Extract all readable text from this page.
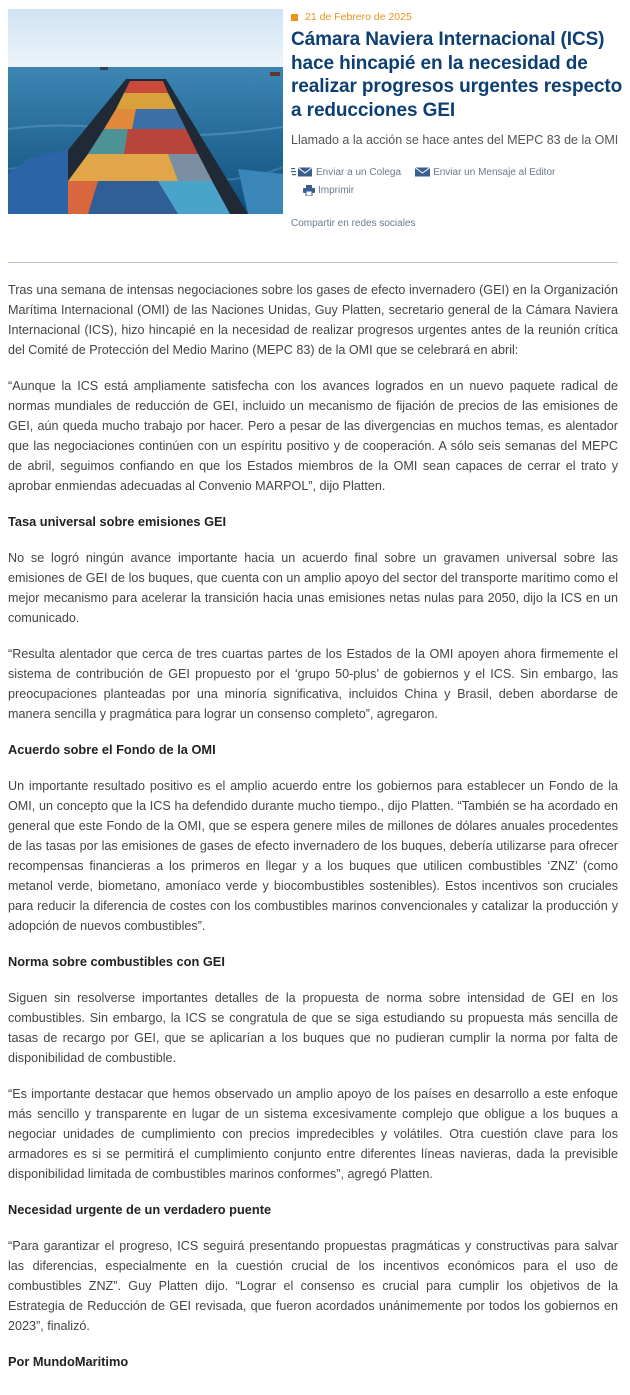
21 de Febrero de 2025
Cámara Naviera Internacional (ICS) hace hincapié en la necesidad de realizar progresos urgentes respecto a reducciones GEI
Llamado a la acción se hace antes del MEPC 83 de la OMI
Enviar a un Colega	Enviar un Mensaje al Editor
Imprimir
Compartir en redes sociales

Tras una semana de intensas negociaciones sobre los gases de efecto invernadero (GEI) en la Organización Marítima Internacional (OMI) de las Naciones Unidas, Guy Platten, secretario general de la Cámara Naviera Internacional (ICS), hizo hincapié en la necesidad de realizar progresos urgentes antes de la reunión crítica del Comité de Protección del Medio Marino (MEPC 83) de la OMI que se celebrará en abril:

“Aunque la ICS está ampliamente satisfecha con los avances logrados en un nuevo paquete radical de normas mundiales de reducción de GEI, incluido un mecanismo de fijación de precios de las emisiones de GEI, aún queda mucho trabajo por hacer. Pero a pesar de las divergencias en muchos temas, es alentador que las negociaciones continúen con un espíritu positivo y de cooperación. A sólo seis semanas del MEPC de abril, seguimos confiando en que los Estados miembros de la OMI sean capaces de cerrar el trato y aprobar enmiendas adecuadas al Convenio MARPOL”, dijo Platten.

Tasa universal sobre emisiones GEI

No se logró ningún avance importante hacia un acuerdo final sobre un gravamen universal sobre las emisiones de GEI de los buques, que cuenta con un amplio apoyo del sector del transporte marítimo como el mejor mecanismo para acelerar la transición hacia unas emisiones netas nulas para 2050, dijo la ICS en un comunicado.

“Resulta alentador que cerca de tres cuartas partes de los Estados de la OMI apoyen ahora firmemente el sistema de contribución de GEI propuesto por el ‘grupo 50-plus’ de gobiernos y el ICS. Sin embargo, las preocupaciones planteadas por una minoría significativa, incluidos China y Brasil, deben abordarse de manera sencilla y pragmática para lograr un consenso completo”, agregaron.

Acuerdo sobre el Fondo de la OMI

Un importante resultado positivo es el amplio acuerdo entre los gobiernos para establecer un Fondo de la OMI, un concepto que la ICS ha defendido durante mucho tiempo., dijo Platten. “También se ha acordado en general que este Fondo de la OMI, que se espera genere miles de millones de dólares anuales procedentes de las tasas por las emisiones de gases de efecto invernadero de los buques, debería utilizarse para ofrecer recompensas financieras a los primeros en llegar y a los buques que utilicen combustibles ‘ZNZ’ (como metanol verde, biometano, amoníaco verde y biocombustibles sostenibles). Estos incentivos son cruciales para reducir la diferencia de costes con los combustibles marinos convencionales y catalizar la producción y adopción de nuevos combustibles”.

Norma sobre combustibles con GEI

Siguen sin resolverse importantes detalles de la propuesta de norma sobre intensidad de GEI en los combustibles. Sin embargo, la ICS se congratula de que se siga estudiando su propuesta más sencilla de tasas de recargo por GEI, que se aplicarían a los buques que no pudieran cumplir la norma por falta de disponibilidad de combustible.

“Es importante destacar que hemos observado un amplio apoyo de los países en desarrollo a este enfoque más sencillo y transparente en lugar de un sistema excesivamente complejo que obligue a los buques a negociar unidades de cumplimiento con precios impredecibles y volátiles. Otra cuestión clave para los armadores es si se permitirá el cumplimiento conjunto entre diferentes líneas navieras, dada la previsible disponibilidad limitada de combustibles marinos conformes”, agregó Platten.

Necesidad urgente de un verdadero puente

“Para garantizar el progreso, ICS seguirá presentando propuestas pragmáticas y constructivas para salvar las diferencias, especialmente en la cuestión crucial de los incentivos económicos para el uso de combustibles ZNZ”. Guy Platten dijo. “Lograr el consenso es crucial para cumplir los objetivos de la Estrategia de Reducción de GEI revisada, que fueron acordados unánimemente por todos los gobiernos en 2023”, finalizó.

Por MundoMaritimo
